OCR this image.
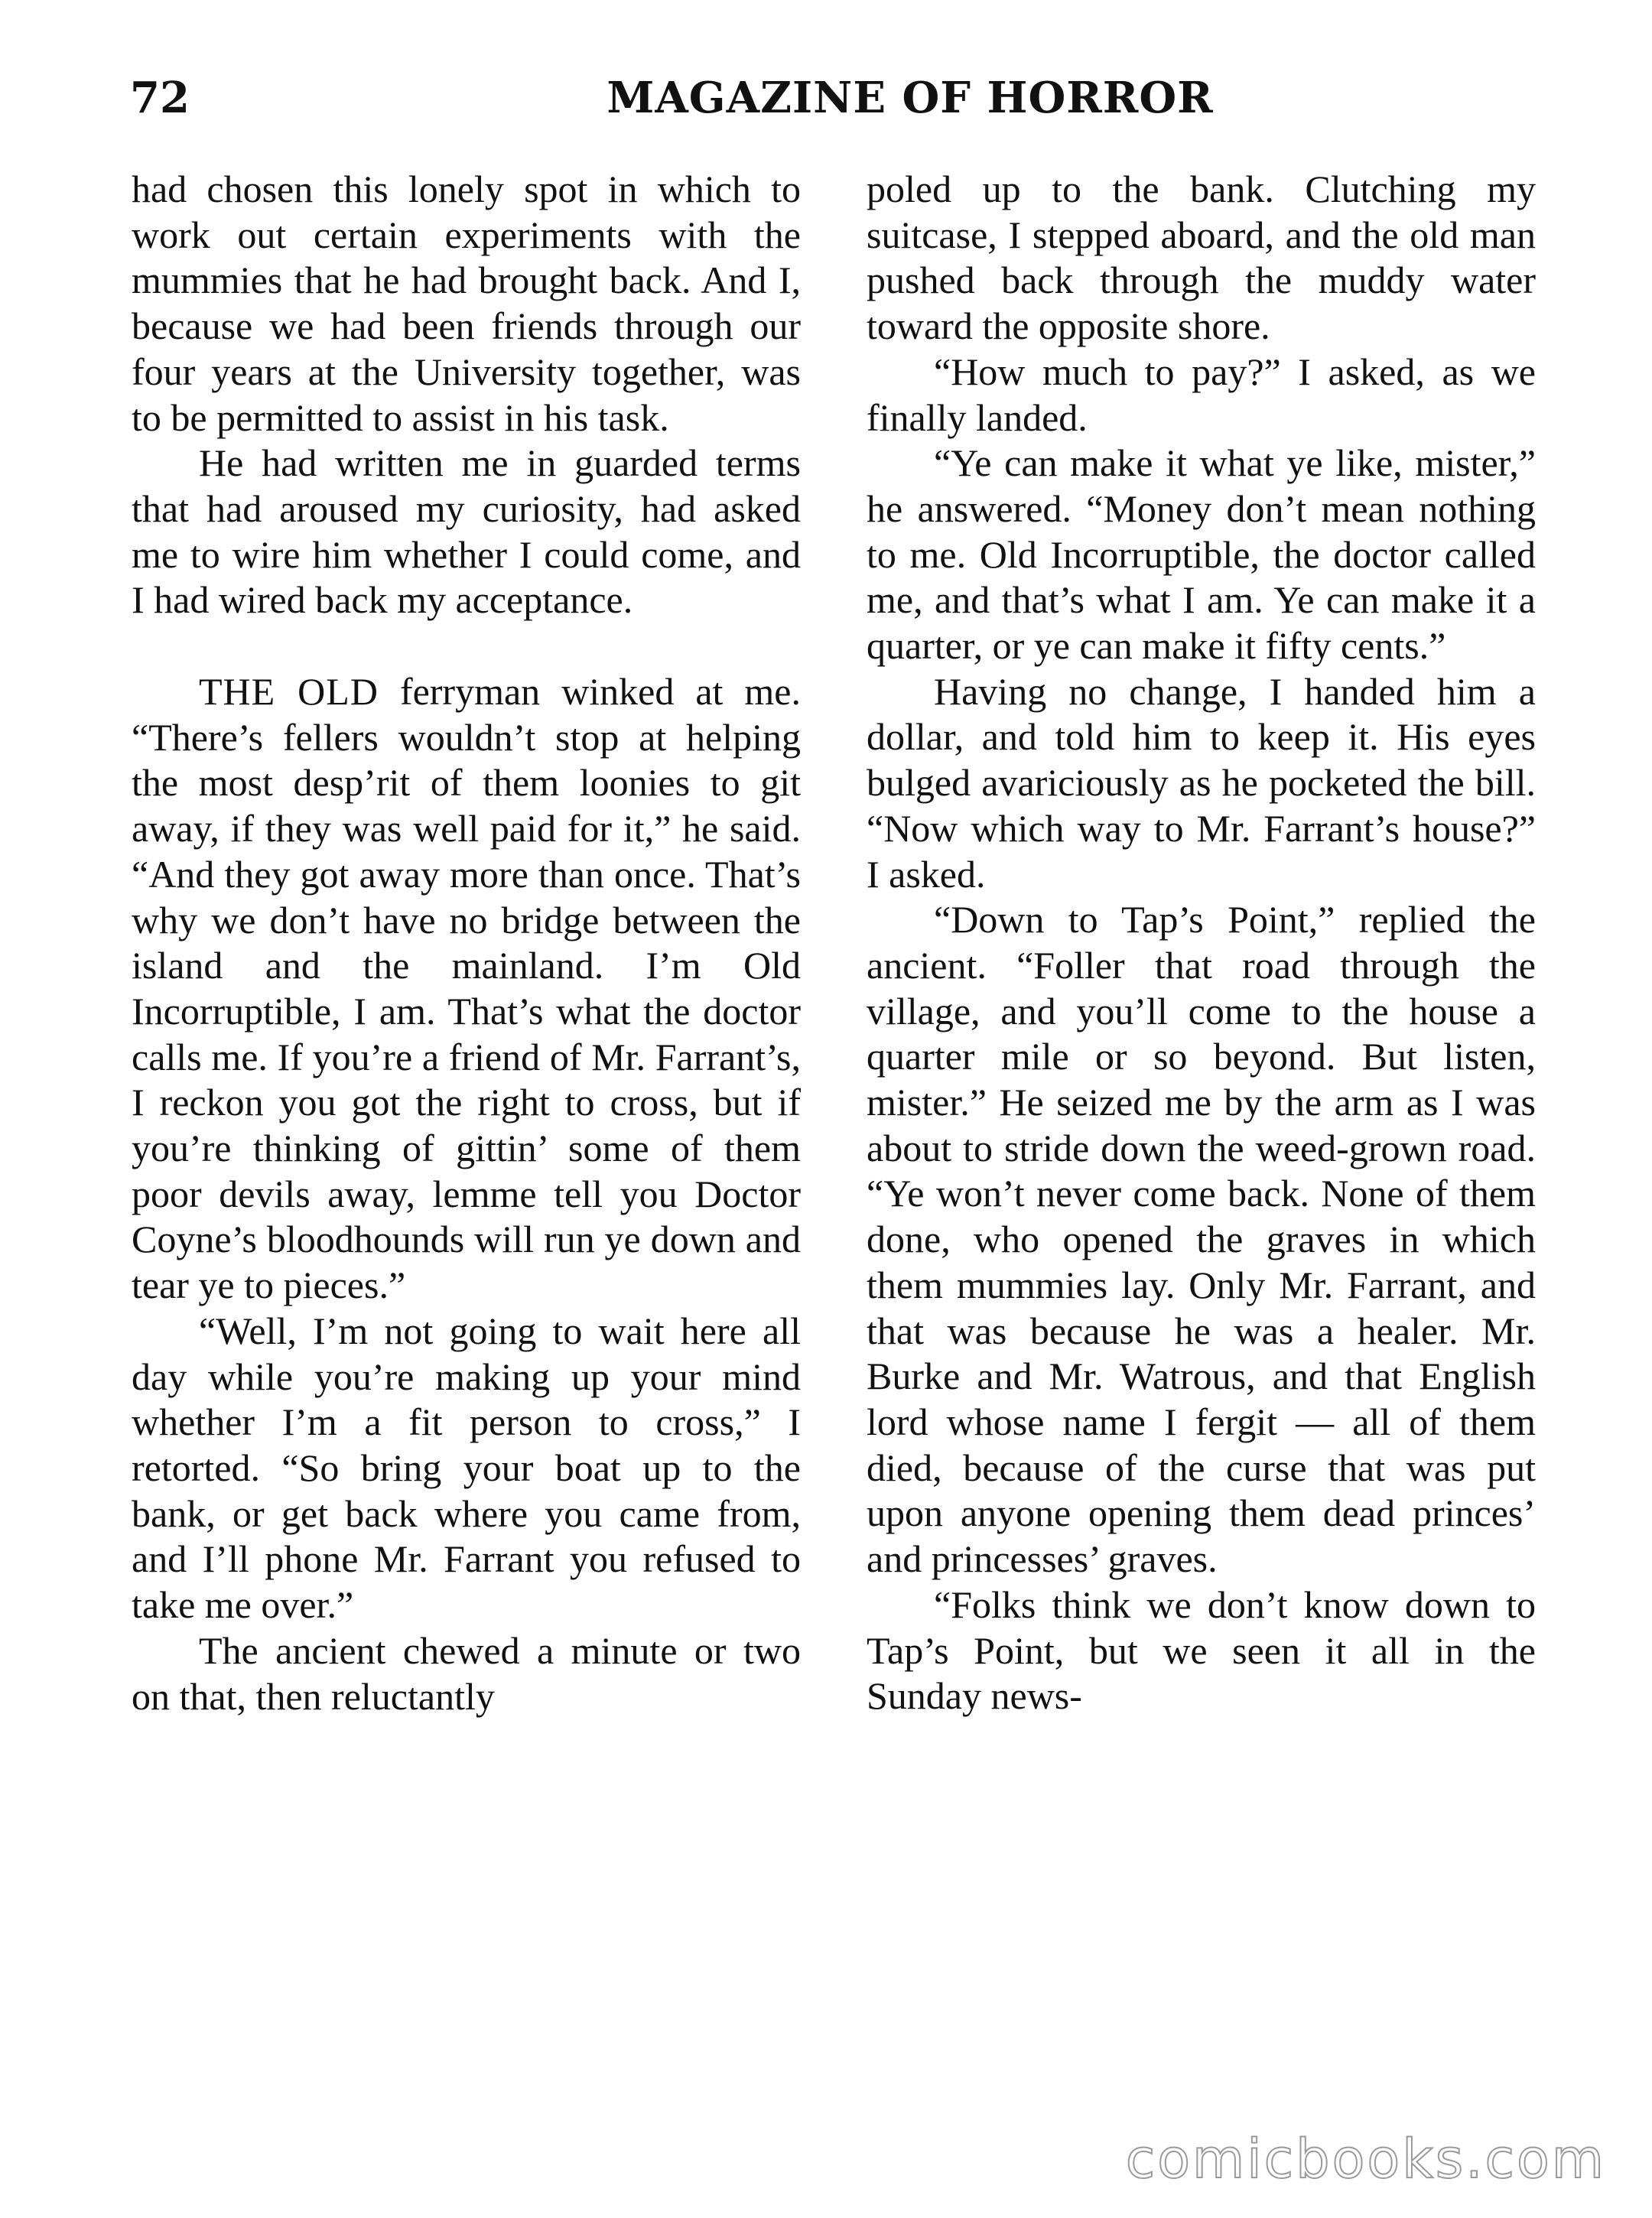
72	MAGAZINE OF HORROR

had chosen this lonely spot in which to work out certain experiments with the mummies that he had brought back. And I, because we had been friends through our four years at the University together, was to be permitted to assist in his task.

He had written me in guarded terms that had aroused my curiosity, had asked me to wire him whether I could come, and I had wired back my acceptance.

THE OLD ferryman winked at me. “There’s fellers wouldn’t stop at helping the most desp’rit of them loonies to git away, if they was well paid for it,” he said. “And they got away more than once. That’s why we don’t have no bridge between the island and the mainland. I’m Old Incorruptible, I am. That’s what the doctor calls me. If you’re a friend of Mr. Farrant’s, I reckon you got the right to cross, but if you’re thinking of gittin’ some of them poor devils away, lemme tell you Doctor Coyne’s bloodhounds will run ye down and tear ye to pieces.”

“Well, I’m not going to wait here all day while you’re making up your mind whether I’m a fit person to cross,” I retorted. “So bring your boat up to the bank, or get back where you came from, and I’ll phone Mr. Farrant you refused to take me over.”

The ancient chewed a minute or two on that, then reluctantly

poled up to the bank. Clutching my suitcase, I stepped aboard, and the old man pushed back through the muddy water toward the opposite shore.

“How much to pay?” I asked, as we finally landed.

“Ye can make it what ye like, mister,” he answered. “Money don’t mean nothing to me. Old Incorruptible, the doctor called me, and that’s what I am. Ye can make it a quarter, or ye can make it fifty cents.”

Having no change, I handed him a dollar, and told him to keep it. His eyes bulged avariciously as he pocketed the bill. “Now which way to Mr. Farrant’s house?” I asked.

“Down to Tap’s Point,” replied the ancient. “Foller that road through the village, and you’ll come to the house a quarter mile or so beyond. But listen, mister.” He seized me by the arm as I was about to stride down the weed-grown road. “Ye won’t never come back. None of them done, who opened the graves in which them mummies lay. Only Mr. Farrant, and that was because he was a healer. Mr. Burke and Mr. Watrous, and that English lord whose name I fergit — all of them died, because of the curse that was put upon anyone opening them dead princes’ and princesses’ graves.

“Folks think we don’t know down to Tap’s Point, but we seen it all in the Sunday news-

comicbooks.com
